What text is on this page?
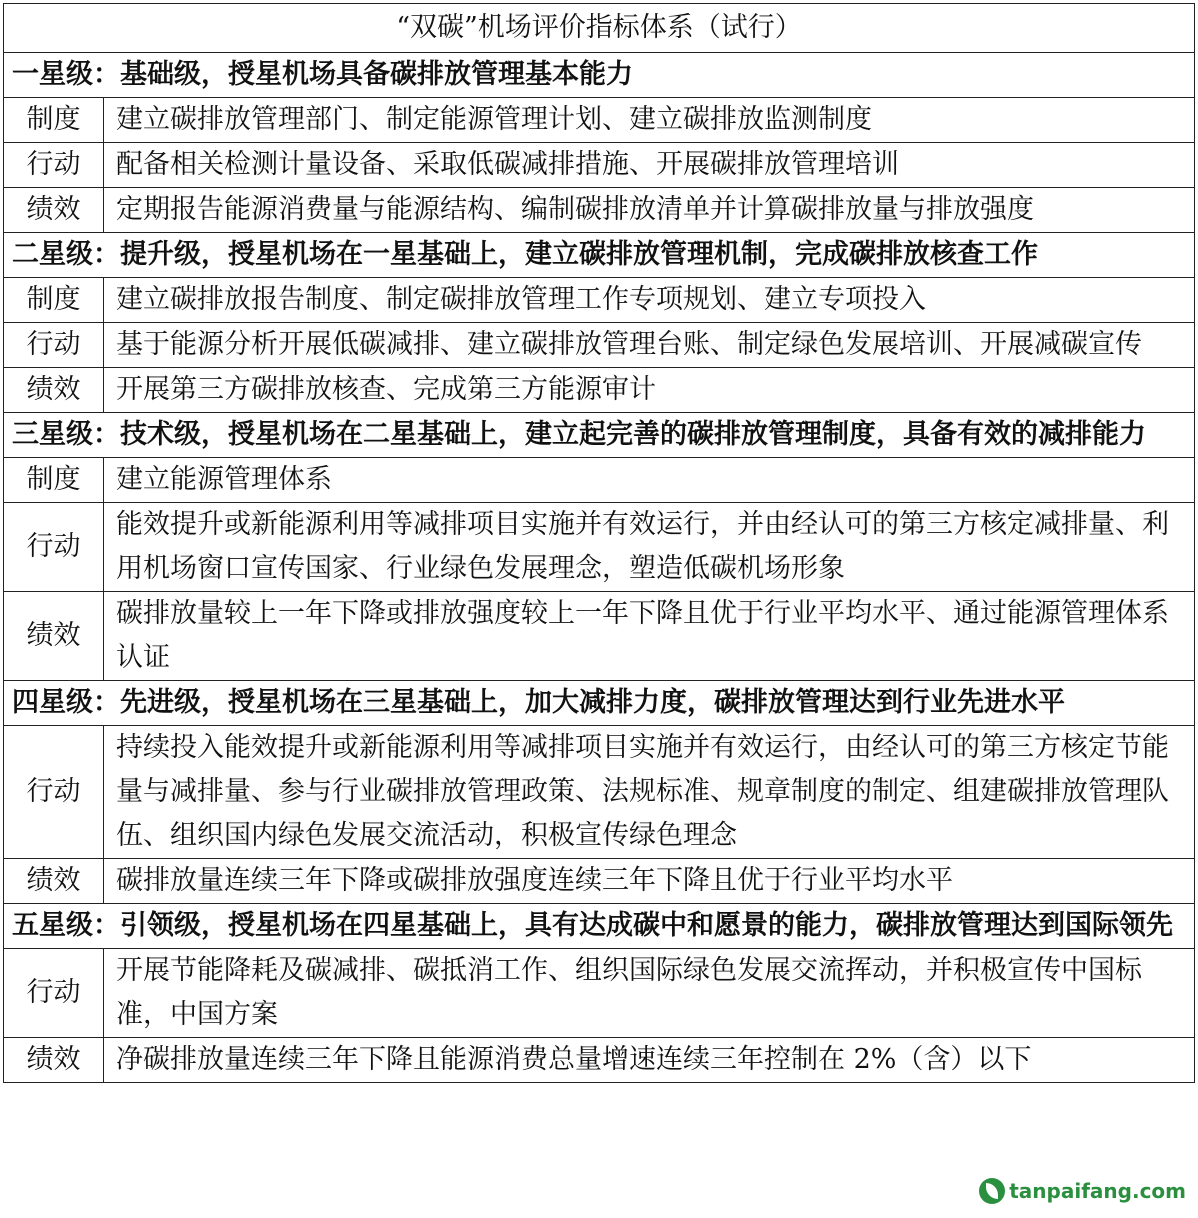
“双碳”机场评价指标体系（试行）	
一星级：基础级，授星机场具备碳排放管理基本能力	
制度	建立碳排放管理部门、制定能源管理计划、建立碳排放监测制度
行动	配备相关检测计量设备、采取低碳减排措施、开展碳排放管理培训
绩效	定期报告能源消费量与能源结构、编制碳排放清单并计算碳排放量与排放强度
二星级：提升级，授星机场在一星基础上，建立碳排放管理机制，完成碳排放核查工作	
制度	建立碳排放报告制度、制定碳排放管理工作专项规划、建立专项投入
行动	基于能源分析开展低碳减排、建立碳排放管理台账、制定绿色发展培训、开展减碳宣传
绩效	开展第三方碳排放核查、完成第三方能源审计
三星级：技术级，授星机场在二星基础上，建立起完善的碳排放管理制度，具备有效的减排能力	
制度	建立能源管理体系
行动	能效提升或新能源利用等减排项目实施并有效运行，并由经认可的第三方核定减排量、利用机场窗口宣传国家、行业绿色发展理念，塑造低碳机场形象
绩效	碳排放量较上一年下降或排放强度较上一年下降且优于行业平均水平、通过能源管理体系认证
四星级：先进级，授星机场在三星基础上，加大减排力度，碳排放管理达到行业先进水平	
行动	持续投入能效提升或新能源利用等减排项目实施并有效运行，由经认可的第三方核定节能量与减排量、参与行业碳排放管理政策、法规标准、规章制度的制定、组建碳排放管理队伍、组织国内绿色发展交流活动，积极宣传绿色理念
绩效	碳排放量连续三年下降或碳排放强度连续三年下降且优于行业平均水平
五星级：引领级，授星机场在四星基础上，具有达成碳中和愿景的能力，碳排放管理达到国际领先	
行动	开展节能降耗及碳减排、碳抵消工作、组织国际绿色发展交流挥动，并积极宣传中国标准，中国方案
绩效	净碳排放量连续三年下降且能源消费总量增速连续三年控制在 2%（含）以下
tanpaifang.com
